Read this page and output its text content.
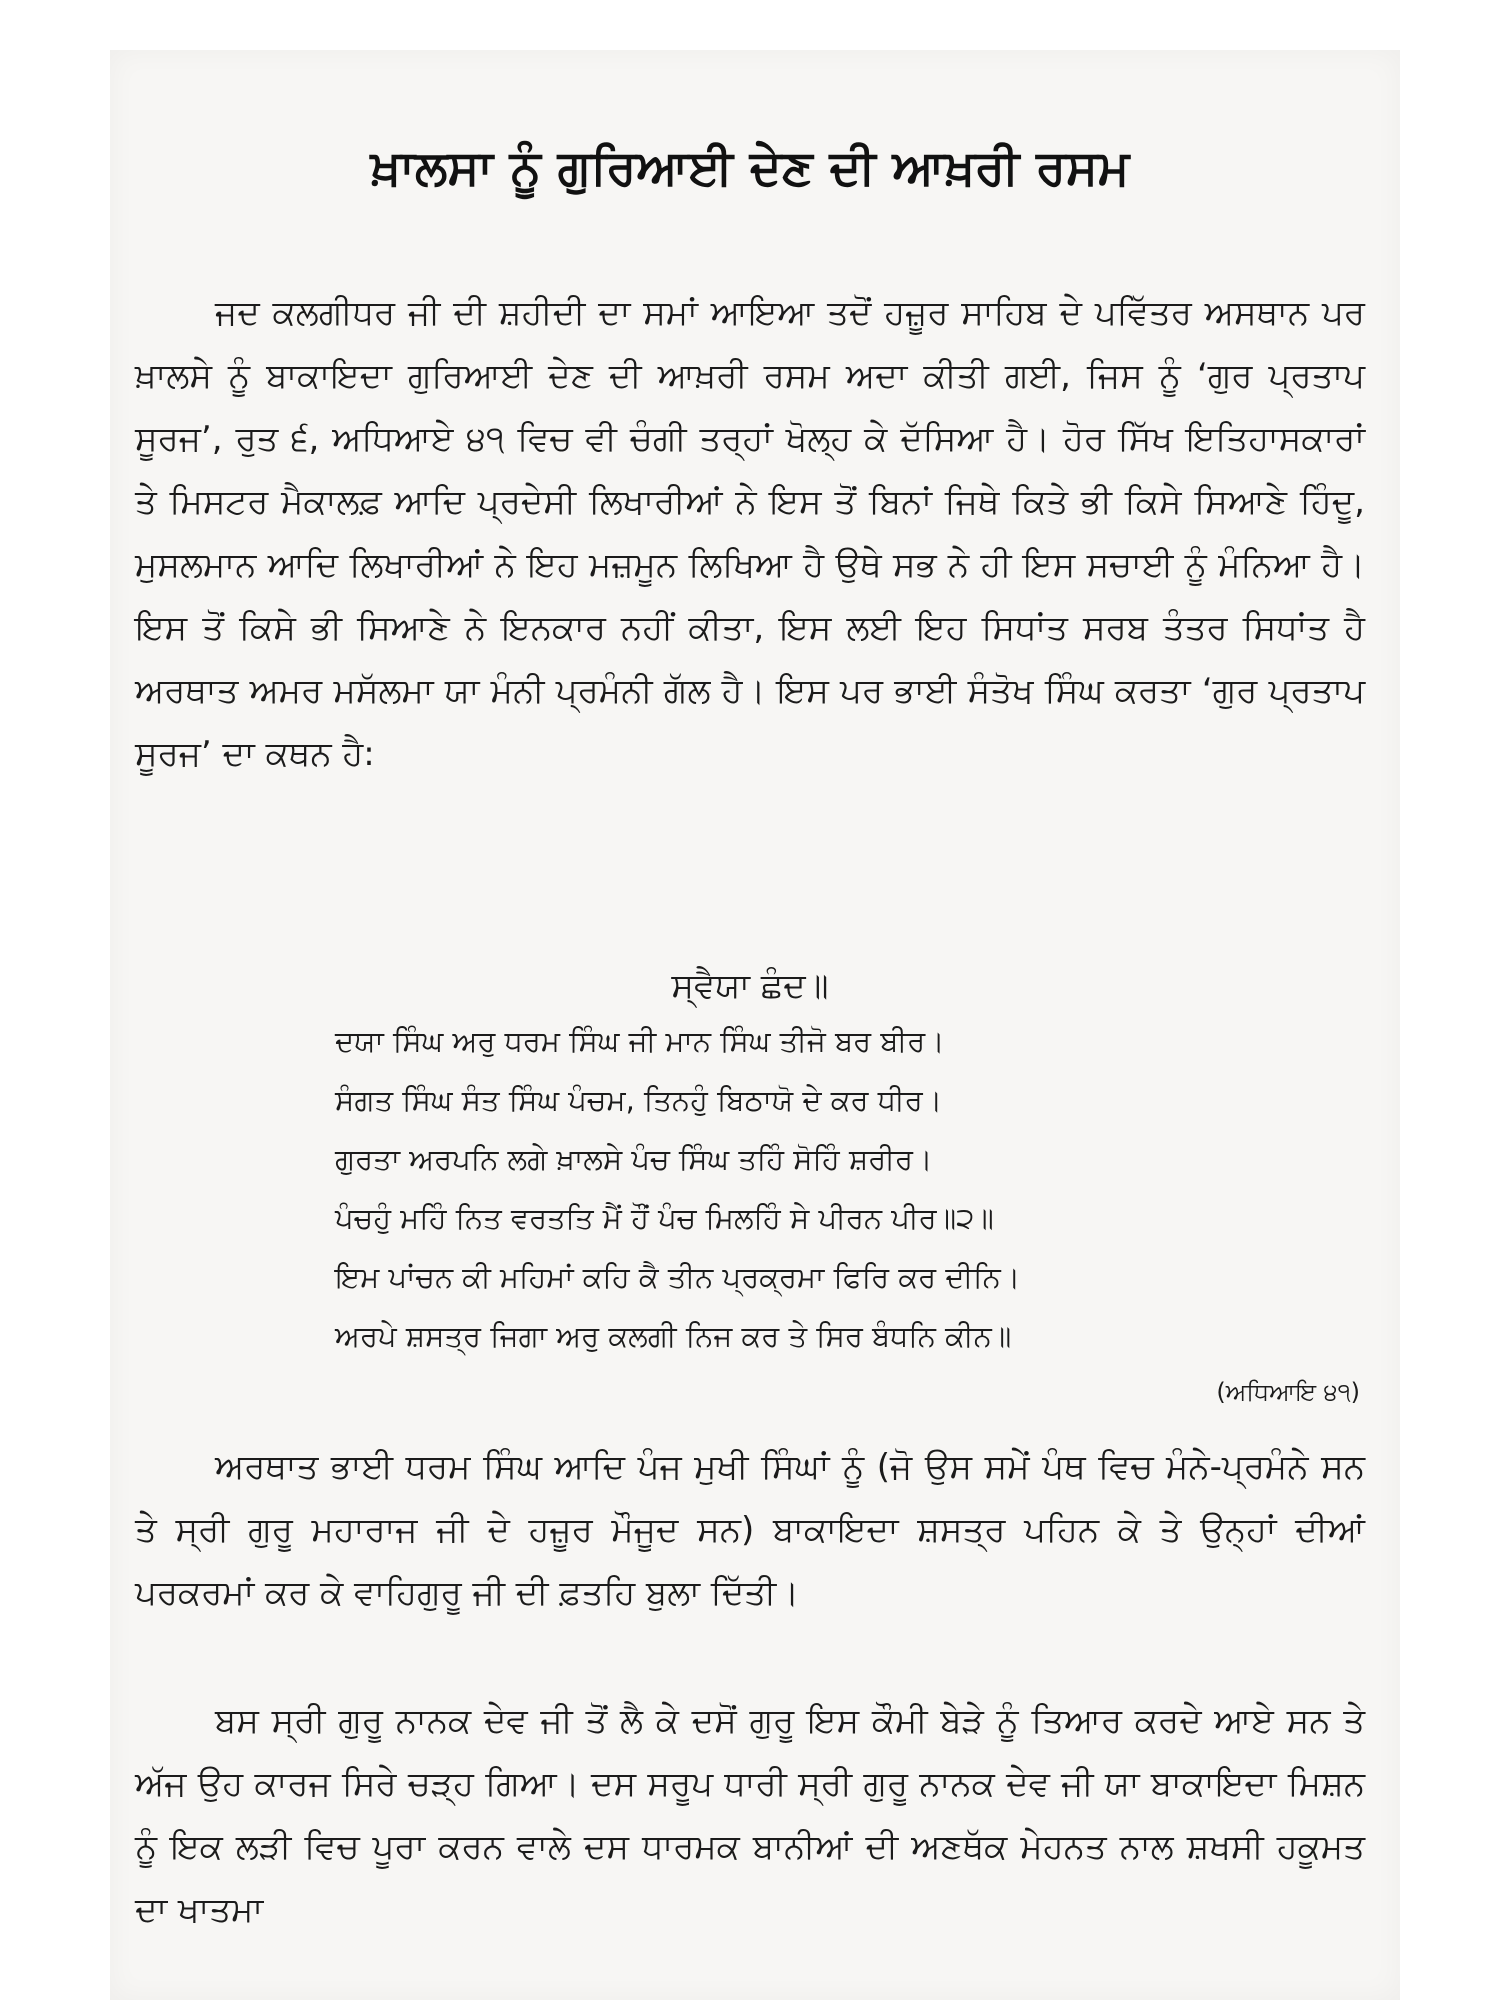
ਖ਼ਾਲਸਾ ਨੂੰ ਗੁਰਿਆਈ ਦੇਣ ਦੀ ਆਖ਼ਰੀ ਰਸਮ

ਜਦ ਕਲਗੀਧਰ ਜੀ ਦੀ ਸ਼ਹੀਦੀ ਦਾ ਸਮਾਂ ਆਇਆ ਤਦੋਂ ਹਜ਼ੂਰ ਸਾਹਿਬ ਦੇ ਪਵਿੱਤਰ ਅਸਥਾਨ ਪਰ ਖ਼ਾਲਸੇ ਨੂੰ ਬਾਕਾਇਦਾ ਗੁਰਿਆਈ ਦੇਣ ਦੀ ਆਖ਼ਰੀ ਰਸਮ ਅਦਾ ਕੀਤੀ ਗਈ, ਜਿਸ ਨੂੰ ‘ਗੁਰ ਪ੍ਰਤਾਪ ਸੂਰਜ’, ਰੁਤ ੬, ਅਧਿਆਏ ੪੧ ਵਿਚ ਵੀ ਚੰਗੀ ਤਰ੍ਹਾਂ ਖੋਲ੍ਹ ਕੇ ਦੱਸਿਆ ਹੈ। ਹੋਰ ਸਿੱਖ ਇਤਿਹਾਸਕਾਰਾਂ ਤੇ ਮਿਸਟਰ ਮੈਕਾਲਫ਼ ਆਦਿ ਪ੍ਰਦੇਸੀ ਲਿਖਾਰੀਆਂ ਨੇ ਇਸ ਤੋਂ ਬਿਨਾਂ ਜਿਥੇ ਕਿਤੇ ਭੀ ਕਿਸੇ ਸਿਆਣੇ ਹਿੰਦੂ, ਮੁਸਲਮਾਨ ਆਦਿ ਲਿਖਾਰੀਆਂ ਨੇ ਇਹ ਮਜ਼ਮੂਨ ਲਿਖਿਆ ਹੈ ਉਥੇ ਸਭ ਨੇ ਹੀ ਇਸ ਸਚਾਈ ਨੂੰ ਮੰਨਿਆ ਹੈ। ਇਸ ਤੋਂ ਕਿਸੇ ਭੀ ਸਿਆਣੇ ਨੇ ਇਨਕਾਰ ਨਹੀਂ ਕੀਤਾ, ਇਸ ਲਈ ਇਹ ਸਿਧਾਂਤ ਸਰਬ ਤੰਤਰ ਸਿਧਾਂਤ ਹੈ ਅਰਥਾਤ ਅਮਰ ਮਸੱਲਮਾ ਯਾ ਮੰਨੀ ਪ੍ਰਮੰਨੀ ਗੱਲ ਹੈ। ਇਸ ਪਰ ਭਾਈ ਸੰਤੋਖ ਸਿੰਘ ਕਰਤਾ ‘ਗੁਰ ਪ੍ਰਤਾਪ ਸੂਰਜ’ ਦਾ ਕਥਨ ਹੈ:

ਸ੍ਵੈਯਾ ਛੰਦ॥

ਦਯਾ ਸਿੰਘ ਅਰੁ ਧਰਮ ਸਿੰਘ ਜੀ ਮਾਨ ਸਿੰਘ ਤੀਜੋ ਬਰ ਬੀਰ।
ਸੰਗਤ ਸਿੰਘ ਸੰਤ ਸਿੰਘ ਪੰਚਮ, ਤਿਨਹੁੰ ਬਿਠਾਯੋ ਦੇ ਕਰ ਧੀਰ।
ਗੁਰਤਾ ਅਰਪਨਿ ਲਗੇ ਖ਼ਾਲਸੇ ਪੰਚ ਸਿੰਘ ਤਹਿੰ ਸੋਹਿੰ ਸ਼ਰੀਰ।
ਪੰਚਹੁੰ ਮਹਿੰ ਨਿਤ ਵਰਤਤਿ ਮੈਂ ਹੌਂ ਪੰਚ ਮਿਲਹਿੰ ਸੇ ਪੀਰਨ ਪੀਰ॥੨॥
ਇਮ ਪਾਂਚਨ ਕੀ ਮਹਿਮਾਂ ਕਹਿ ਕੈ ਤੀਨ ਪ੍ਰਕ੍ਰਮਾ ਫਿਰਿ ਕਰ ਦੀਨਿ।
ਅਰਪੇ ਸ਼ਸਤ੍ਰ ਜਿਗਾ ਅਰੁ ਕਲਗੀ ਨਿਜ ਕਰ ਤੇ ਸਿਰ ਬੰਧਨਿ ਕੀਨ॥

(ਅਧਿਆਇ ੪੧)

ਅਰਥਾਤ ਭਾਈ ਧਰਮ ਸਿੰਘ ਆਦਿ ਪੰਜ ਮੁਖੀ ਸਿੰਘਾਂ ਨੂੰ (ਜੋ ਉਸ ਸਮੇਂ ਪੰਥ ਵਿਚ ਮੰਨੇ-ਪ੍ਰਮੰਨੇ ਸਨ ਤੇ ਸ੍ਰੀ ਗੁਰੂ ਮਹਾਰਾਜ ਜੀ ਦੇ ਹਜ਼ੂਰ ਮੌਜੂਦ ਸਨ) ਬਾਕਾਇਦਾ ਸ਼ਸਤ੍ਰ ਪਹਿਨ ਕੇ ਤੇ ਉਨ੍ਹਾਂ ਦੀਆਂ ਪਰਕਰਮਾਂ ਕਰ ਕੇ ਵਾਹਿਗੁਰੂ ਜੀ ਦੀ ਫ਼ਤਹਿ ਬੁਲਾ ਦਿੱਤੀ।

ਬਸ ਸ੍ਰੀ ਗੁਰੂ ਨਾਨਕ ਦੇਵ ਜੀ ਤੋਂ ਲੈ ਕੇ ਦਸੋਂ ਗੁਰੂ ਇਸ ਕੌਮੀ ਬੇੜੇ ਨੂੰ ਤਿਆਰ ਕਰਦੇ ਆਏ ਸਨ ਤੇ ਅੱਜ ਉਹ ਕਾਰਜ ਸਿਰੇ ਚੜ੍ਹ ਗਿਆ। ਦਸ ਸਰੂਪ ਧਾਰੀ ਸ੍ਰੀ ਗੁਰੂ ਨਾਨਕ ਦੇਵ ਜੀ ਯਾ ਬਾਕਾਇਦਾ ਮਿਸ਼ਨ ਨੂੰ ਇਕ ਲੜੀ ਵਿਚ ਪੂਰਾ ਕਰਨ ਵਾਲੇ ਦਸ ਧਾਰਮਕ ਬਾਨੀਆਂ ਦੀ ਅਣਥੱਕ ਮੇਹਨਤ ਨਾਲ ਸ਼ਖਸੀ ਹਕੂਮਤ ਦਾ ਖਾਤਮਾ
